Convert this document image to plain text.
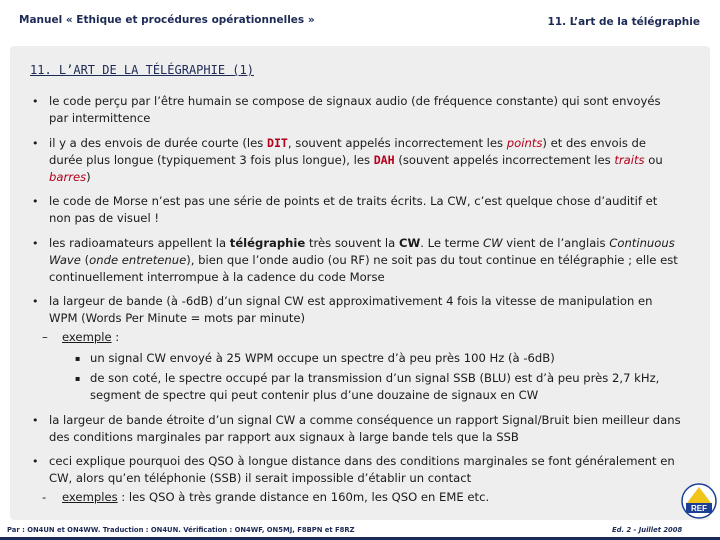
Manuel « Ethique et procédures opérationnelles »	11. L’art de la télégraphie
11. L’ART DE LA TÉLÉGRAPHIE (1)
• le code perçu par l’être humain se compose de signaux audio (de fréquence constante) qui sont envoyés par intermittence
• il y a des envois de durée courte (les DIT, souvent appelés incorrectement les points) et des envois de durée plus longue (typiquement 3 fois plus longue), les DAH (souvent appelés incorrectement les traits ou barres)
• le code de Morse n’est pas une série de points et de traits écrits. La CW, c’est quelque chose d’auditif et non pas de visuel !
• les radioamateurs appellent la télégraphie très souvent la CW. Le terme CW vient de l’anglais Continuous Wave (onde entretenue), bien que l’onde audio (ou RF) ne soit pas du tout continue en télégraphie ; elle est continuellement interrompue à la cadence du code Morse
• la largeur de bande (à -6dB) d’un signal CW est approximativement 4 fois la vitesse de manipulation en WPM (Words Per Minute = mots par minute)
– exemple :
▪ un signal CW envoyé à 25 WPM occupe un spectre d’à peu près 100 Hz (à -6dB)
▪ de son coté, le spectre occupé par la transmission d’un signal SSB (BLU) est d’à peu près 2,7 kHz, segment de spectre qui peut contenir plus d’une douzaine de signaux en CW
• la largeur de bande étroite d’un signal CW a comme conséquence un rapport Signal/Bruit bien meilleur dans des conditions marginales par rapport aux signaux à large bande tels que la SSB
• ceci explique pourquoi des QSO à longue distance dans des conditions marginales se font généralement en CW, alors qu’en téléphonie (SSB) il serait impossible d’établir un contact
- exemples : les QSO à très grande distance en 160m, les QSO en EME etc.
Par : ON4UN et ON4WW. Traduction : ON4UN. Vérification : ON4WF, ON5MJ, F8BPN et F8RZ	Ed. 2 - Juillet 2008
REF
